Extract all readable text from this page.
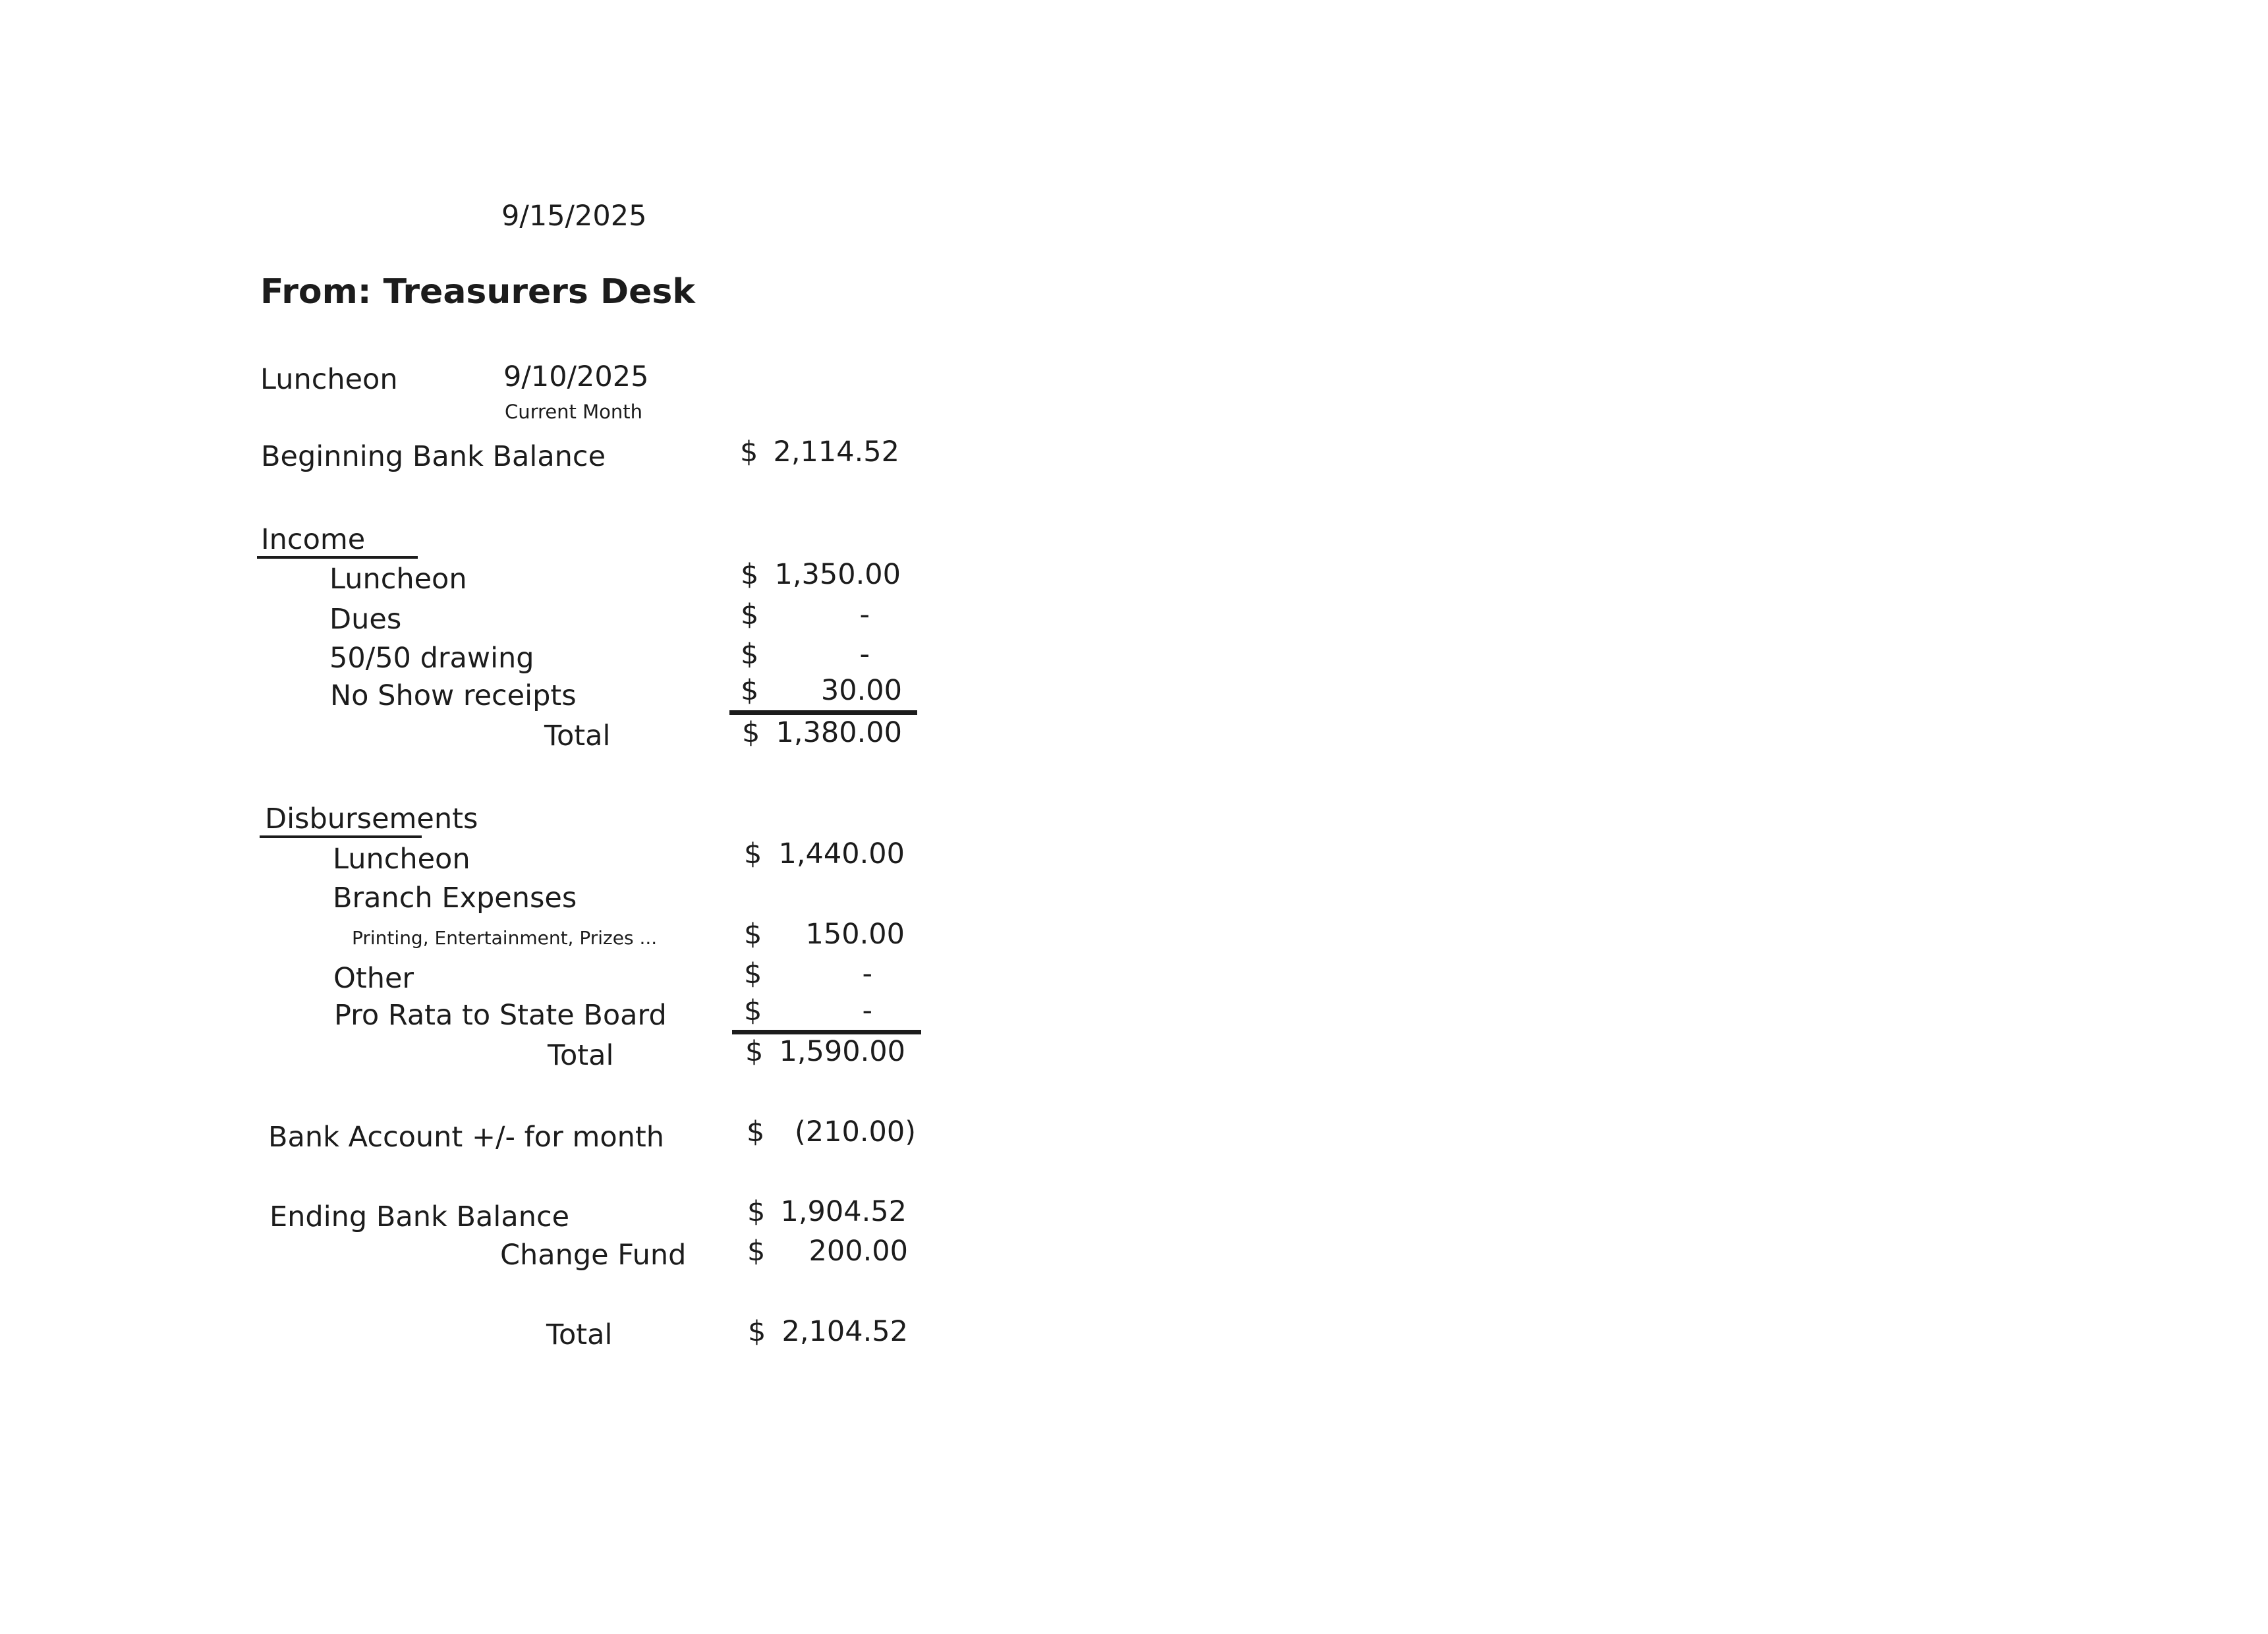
9/15/2025
From: Treasurers Desk
Luncheon	9/10/2025
Current Month
Beginning Bank Balance	$ 2,114.52
Income
Luncheon	$ 1,350.00
Dues	$	-
50/50 drawing	$	-
No Show receipts	$	30.00
Total	$ 1,380.00
Disbursements
Luncheon	$ 1,440.00
Branch Expenses
Printing, Entertainment, Prizes ...	$	150.00
Other	$	-
Pro Rata to State Board	$	-
Total	$ 1,590.00
Bank Account +/- for month	$	(210.00)
Ending Bank Balance	$ 1,904.52
Change Fund $	200.00
Total	$ 2,104.52
